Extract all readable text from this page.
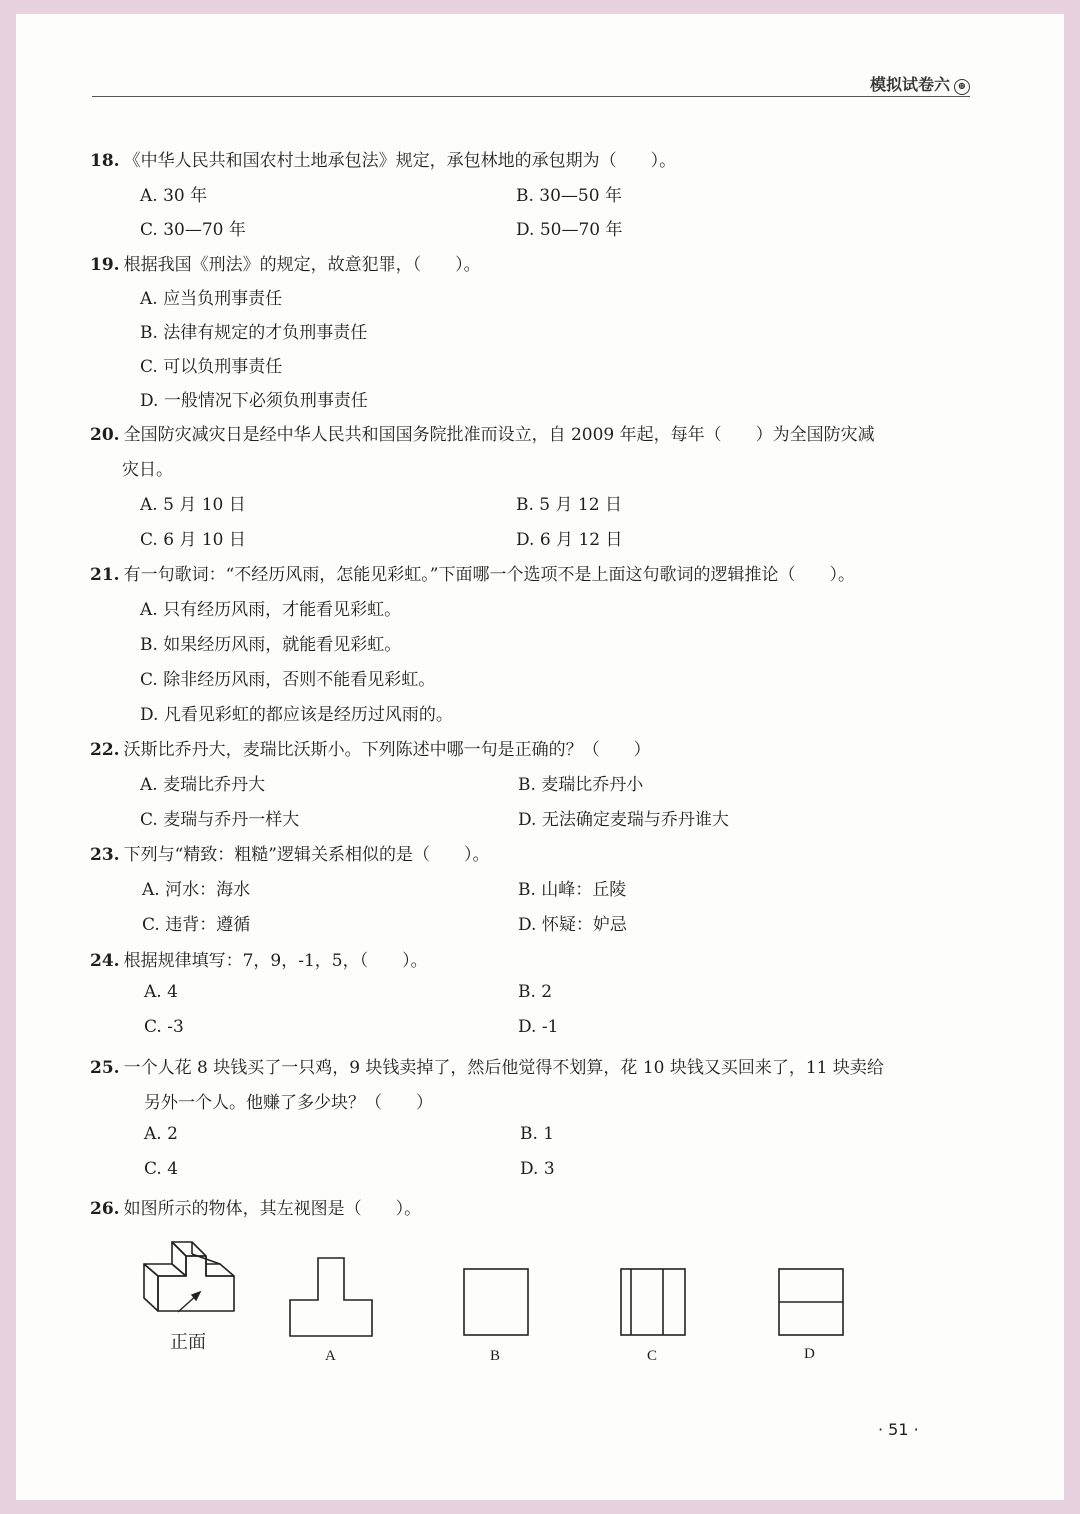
模拟试卷六 ⊕
18. 《中华人民共和国农村土地承包法》规定，承包林地的承包期为（　　）。
A. 30 年	B. 30—50 年
C. 30—70 年	D. 50—70 年
19. 根据我国《刑法》的规定，故意犯罪，（　　）。
A. 应当负刑事责任
B. 法律有规定的才负刑事责任
C. 可以负刑事责任
D. 一般情况下必须负刑事责任
20. 全国防灾减灾日是经中华人民共和国国务院批准而设立，自 2009 年起，每年（　　）为全国防灾减
灾日。
A. 5 月 10 日	B. 5 月 12 日
C. 6 月 10 日	D. 6 月 12 日
21. 有一句歌词：“不经历风雨，怎能见彩虹。”下面哪一个选项不是上面这句歌词的逻辑推论（　　）。
A. 只有经历风雨，才能看见彩虹。
B. 如果经历风雨，就能看见彩虹。
C. 除非经历风雨，否则不能看见彩虹。
D. 凡看见彩虹的都应该是经历过风雨的。
22. 沃斯比乔丹大，麦瑞比沃斯小。下列陈述中哪一句是正确的？（　　）
A. 麦瑞比乔丹大	B. 麦瑞比乔丹小
C. 麦瑞与乔丹一样大	D. 无法确定麦瑞与乔丹谁大
23. 下列与“精致：粗糙”逻辑关系相似的是（　　）。
A. 河水：海水	B. 山峰：丘陵
C. 违背：遵循	D. 怀疑：妒忌
24. 根据规律填写：7，9，-1，5，（　　）。
A. 4	B. 2
C. -3	D. -1
25. 一个人花 8 块钱买了一只鸡，9 块钱卖掉了，然后他觉得不划算，花 10 块钱又买回来了，11 块卖给
另外一个人。他赚了多少块？（　　）
A. 2	B. 1
C. 4	D. 3
26. 如图所示的物体，其左视图是（　　）。
正面
A	B	C	D
· 51 ·
